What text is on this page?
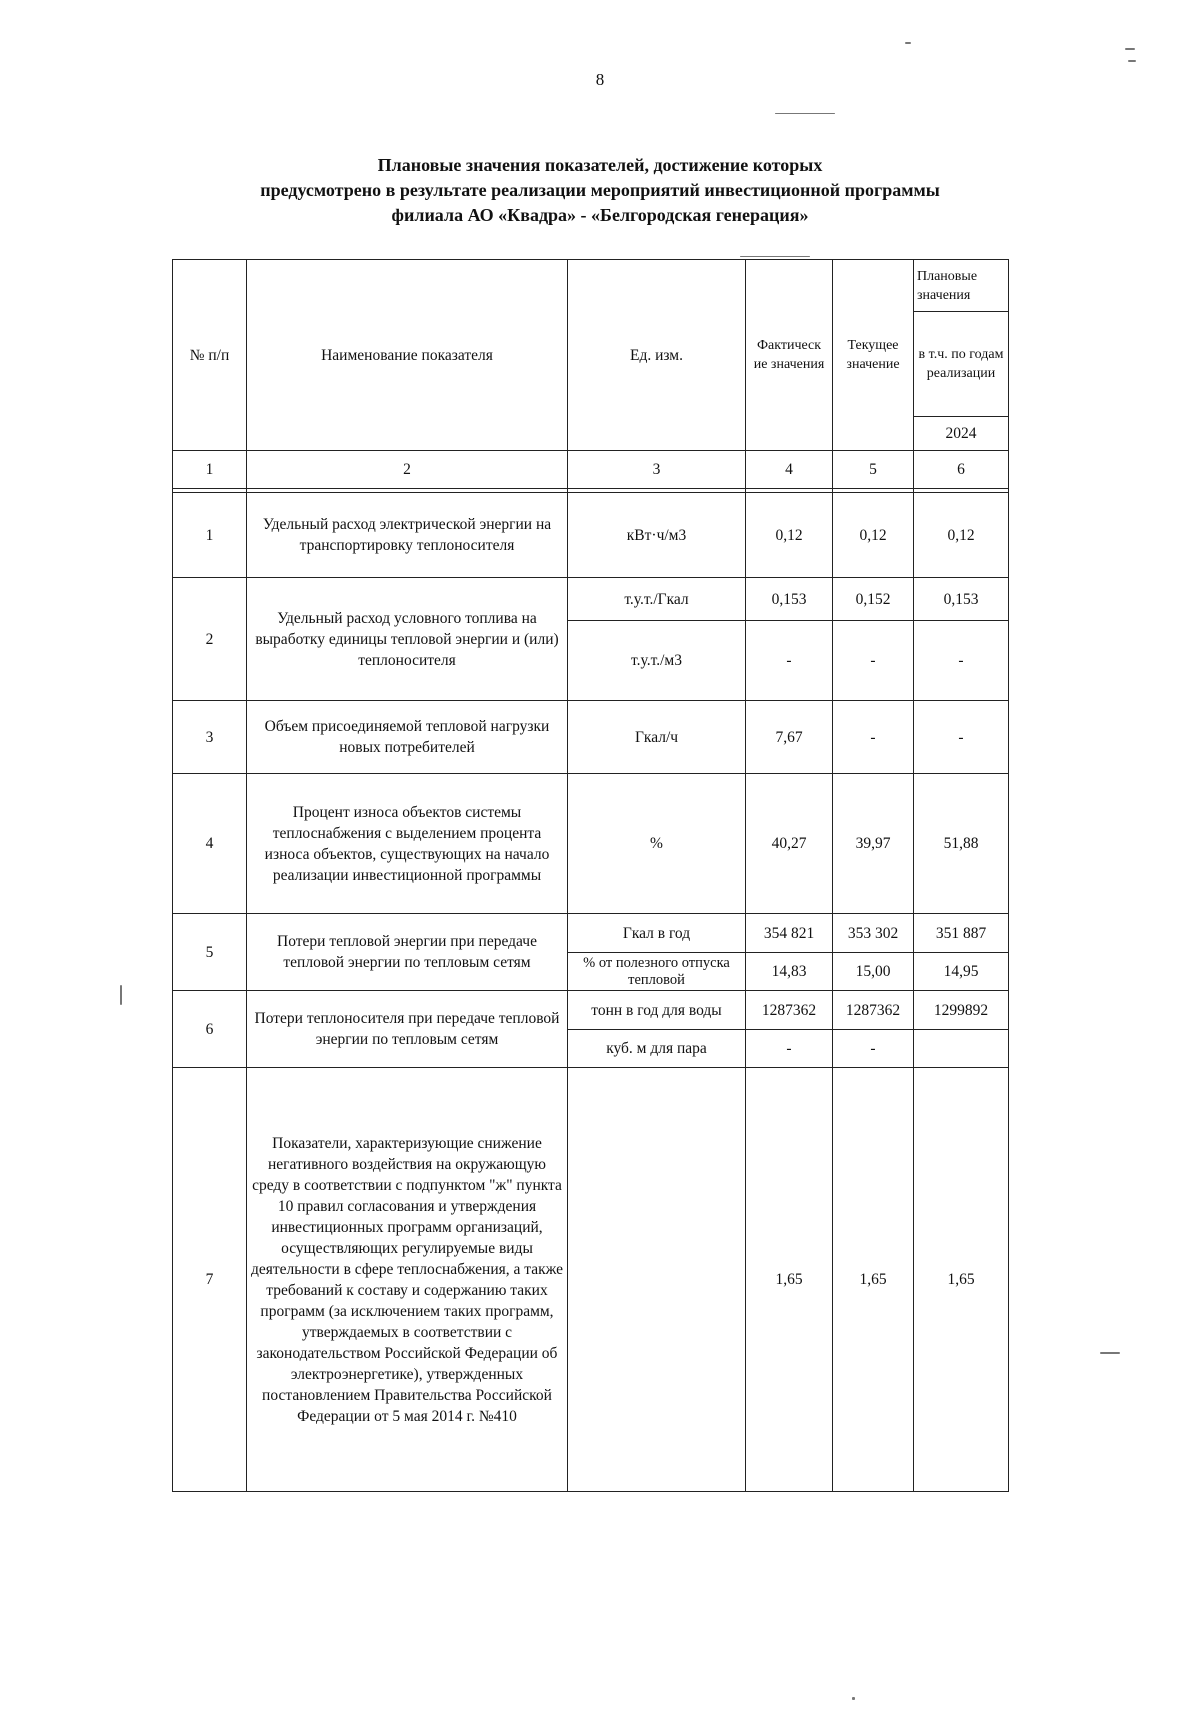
8
Плановые значения показателей, достижение которых
предусмотрено в результате реализации мероприятий инвестиционной программы
филиала АО «Квадра» - «Белгородская генерация»
№ п/п	Наименование показателя	Ед. изм.	Фактическ ие значения	Текущее значение	Плановые значения
					в т.ч. по годам реализации
					2024
1	2	3	4	5	6

1	Удельный расход электрической энергии на транспортировку теплоносителя	кВт·ч/м3	0,12	0,12	0,12
2	Удельный расход условного топлива на выработку единицы тепловой энергии и (или) теплоносителя	т.у.т./Гкал	0,153	0,152	0,153
		т.у.т./м3	-	-	-
3	Объем присоединяемой тепловой нагрузки новых потребителей	Гкал/ч	7,67	-	-
4	Процент износа объектов системы теплоснабжения с выделением процента износа объектов, существующих на начало реализации инвестиционной программы	%	40,27	39,97	51,88
5	Потери тепловой энергии при передаче тепловой энергии по тепловым сетям	Гкал в год	354 821	353 302	351 887
		% от полезного отпуска тепловой	14,83	15,00	14,95
6	Потери теплоносителя при передаче тепловой энергии по тепловым сетям	тонн в год для воды	1287362	1287362	1299892
		куб. м для пара	-	-	
7	Показатели, характеризующие снижение негативного воздействия на окружающую среду в соответствии с подпунктом "ж" пункта 10 правил согласования и утверждения инвестиционных программ организаций, осуществляющих регулируемые виды деятельности в сфере теплоснабжения, а также требований к составу и содержанию таких программ (за исключением таких программ, утверждаемых в соответствии с законодательством Российской Федерации об электроэнергетике), утвержденных постановлением Правительства Российской Федерации от 5 мая 2014 г. №410		1,65	1,65	1,65
